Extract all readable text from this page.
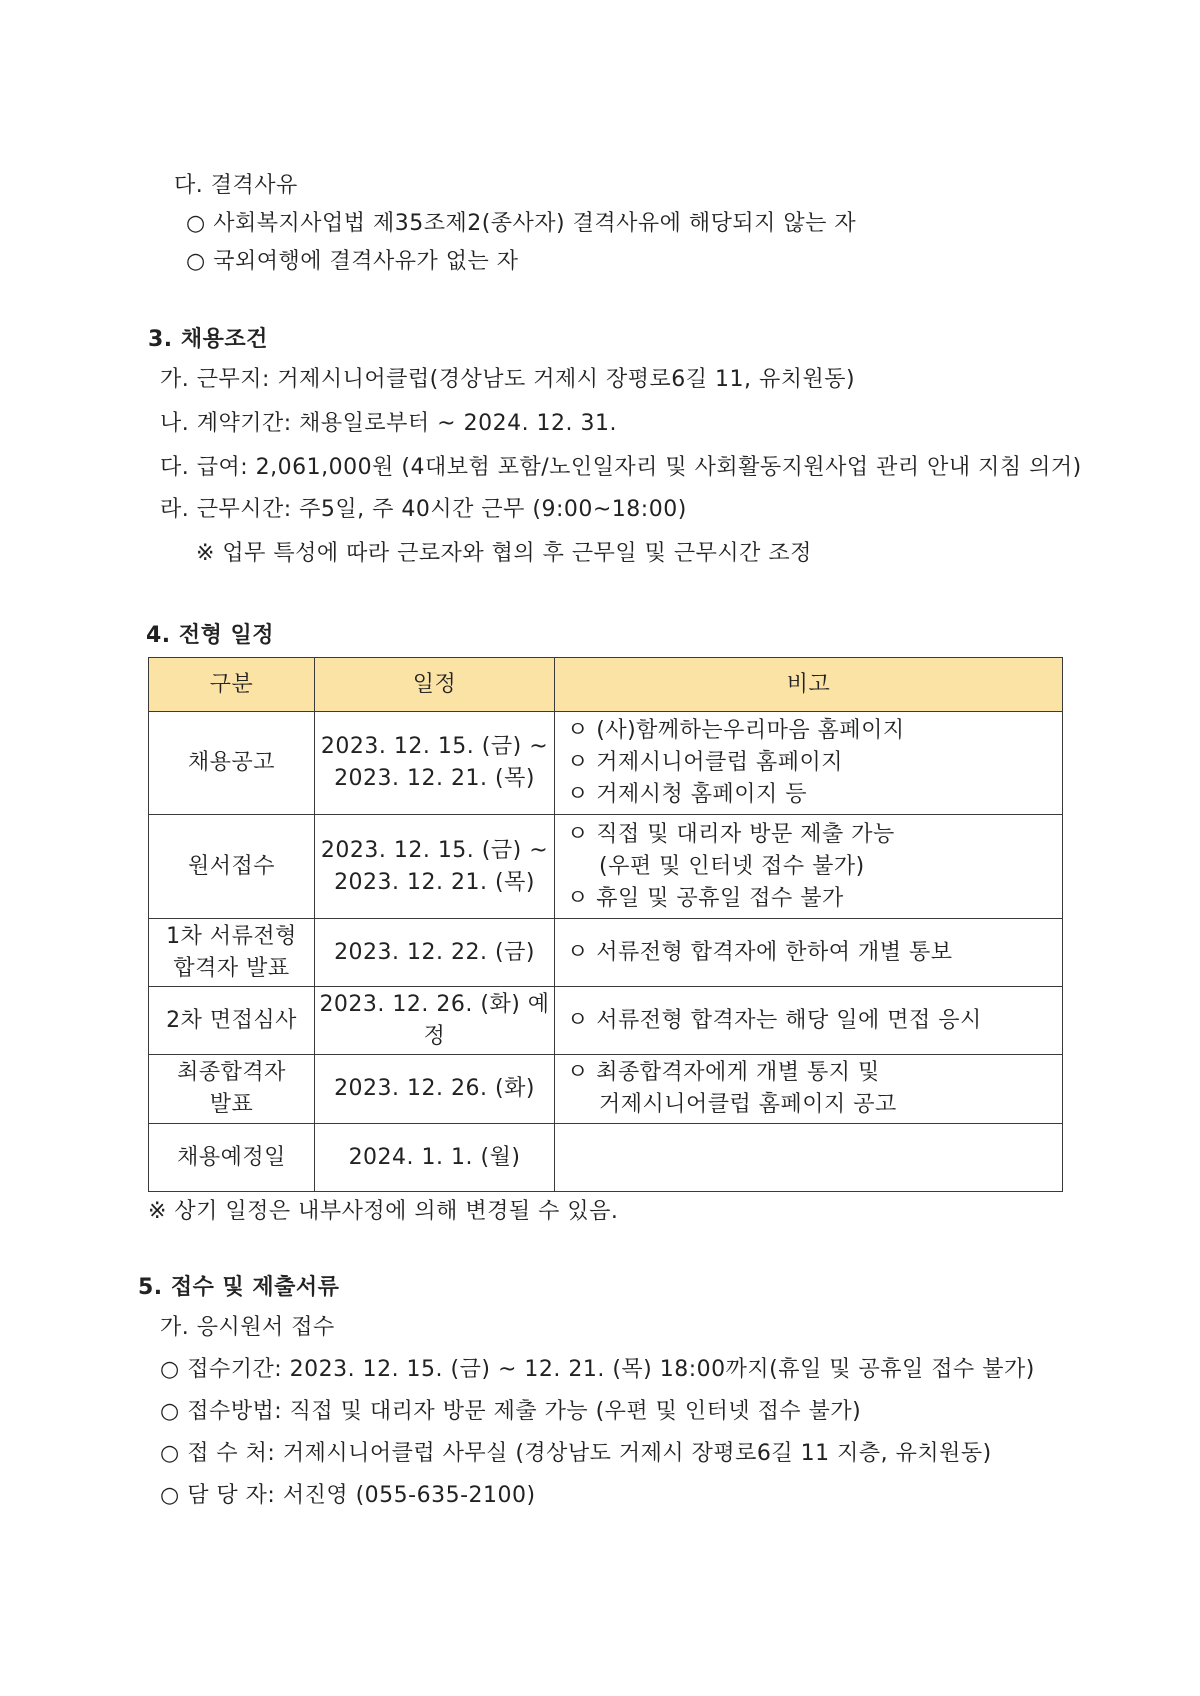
다. 결격사유
○ 사회복지사업법 제35조제2(종사자) 결격사유에 해당되지 않는 자
○ 국외여행에 결격사유가 없는 자
3. 채용조건
가. 근무지: 거제시니어클럽(경상남도 거제시 장평로6길 11, 유치원동)
나. 계약기간: 채용일로부터 ~ 2024. 12. 31.
다. 급여: 2,061,000원 (4대보험 포함/노인일자리 및 사회활동지원사업 관리 안내 지침 의거)
라. 근무시간: 주5일, 주 40시간 근무 (9:00~18:00)
※ 업무 특성에 따라 근로자와 협의 후 근무일 및 근무시간 조정
4. 전형 일정
구분	일정	비고

채용공고	2023. 12. 15. (금) ~
2023. 12. 21. (목)	ㅇ (사)함께하는우리마음 홈페이지
ㅇ 거제시니어클럽 홈페이지
ㅇ 거제시청 홈페이지 등

원서접수	2023. 12. 15. (금) ~
2023. 12. 21. (목)	ㅇ 직접 및 대리자 방문 제출 가능
(우편 및 인터넷 접수 불가)
ㅇ 휴일 및 공휴일 접수 불가

1차 서류전형
합격자 발표	2023. 12. 22. (금)	ㅇ 서류전형 합격자에 한하여 개별 통보

2차 면접심사	2023. 12. 26. (화) 예정	ㅇ 서류전형 합격자는 해당 일에 면접 응시

최종합격자
발표	2023. 12. 26. (화)	ㅇ 최종합격자에게 개별 통지 및
거제시니어클럽 홈페이지 공고

채용예정일	2024. 1. 1. (월)	

※ 상기 일정은 내부사정에 의해 변경될 수 있음.
5. 접수 및 제출서류
가. 응시원서 접수
○ 접수기간: 2023. 12. 15. (금) ~ 12. 21. (목) 18:00까지(휴일 및 공휴일 접수 불가)
○ 접수방법: 직접 및 대리자 방문 제출 가능 (우편 및 인터넷 접수 불가)
○ 접 수 처: 거제시니어클럽 사무실 (경상남도 거제시 장평로6길 11 지층, 유치원동)
○ 담 당 자: 서진영 (055-635-2100)
